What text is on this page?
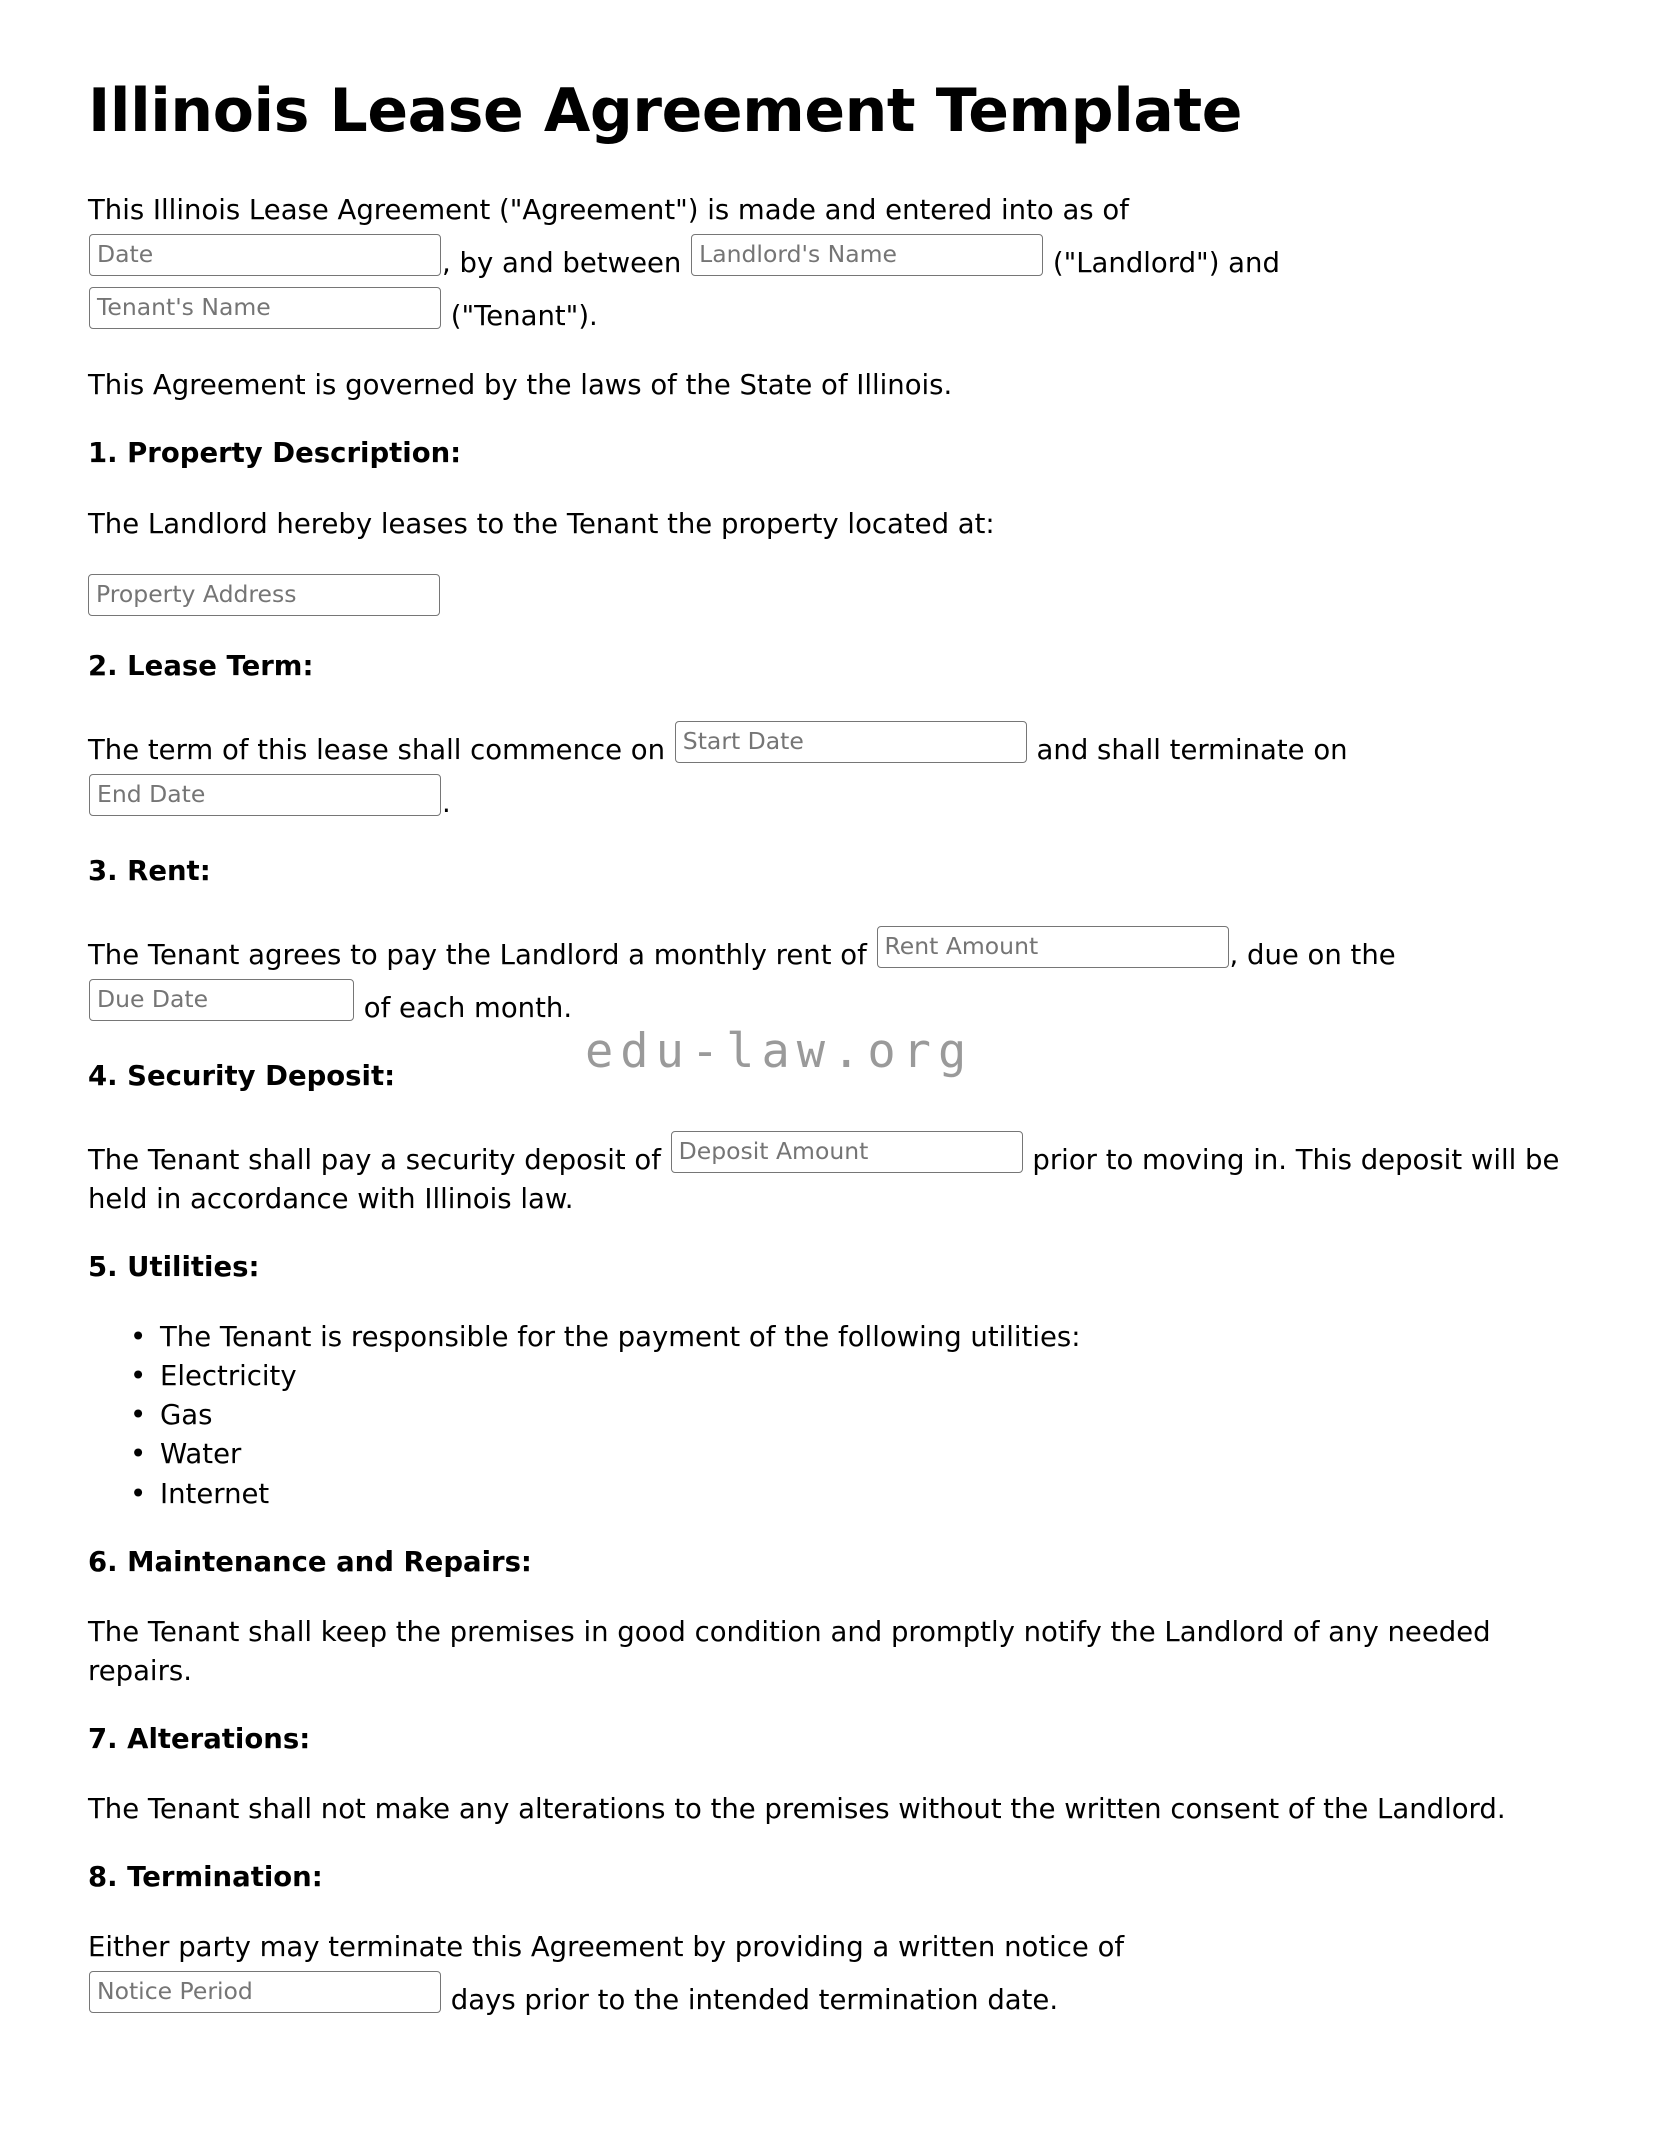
Illinois Lease Agreement Template

This Illinois Lease Agreement ("Agreement") is made and entered into as of
Date	, by and between Landlord's Name	("Landlord") and
Tenant's Name	("Tenant").

This Agreement is governed by the laws of the State of Illinois.

1. Property Description:

The Landlord hereby leases to the Tenant the property located at:

Property Address
2. Lease Term:

The term of this lease shall commence on Start Date	and shall terminate on
End Date	.

3. Rent:

The Tenant agrees to pay the Landlord a monthly rent of Rent Amount	, due on the Due Date	of each month.

4. Security Deposit:

The Tenant shall pay a security deposit of Deposit Amount	prior to moving in. This deposit will be held in accordance with Illinois law.

5. Utilities:
• The Tenant is responsible for the payment of the following utilities:
• Electricity
• Gas
• Water
• Internet
6. Maintenance and Repairs:

The Tenant shall keep the premises in good condition and promptly notify the Landlord of any needed repairs.

7. Alterations:

The Tenant shall not make any alterations to the premises without the written consent of the Landlord.

8. Termination:

Either party may terminate this Agreement by providing a written notice of
Notice Period	days prior to the intended termination date.

edu-law.org
